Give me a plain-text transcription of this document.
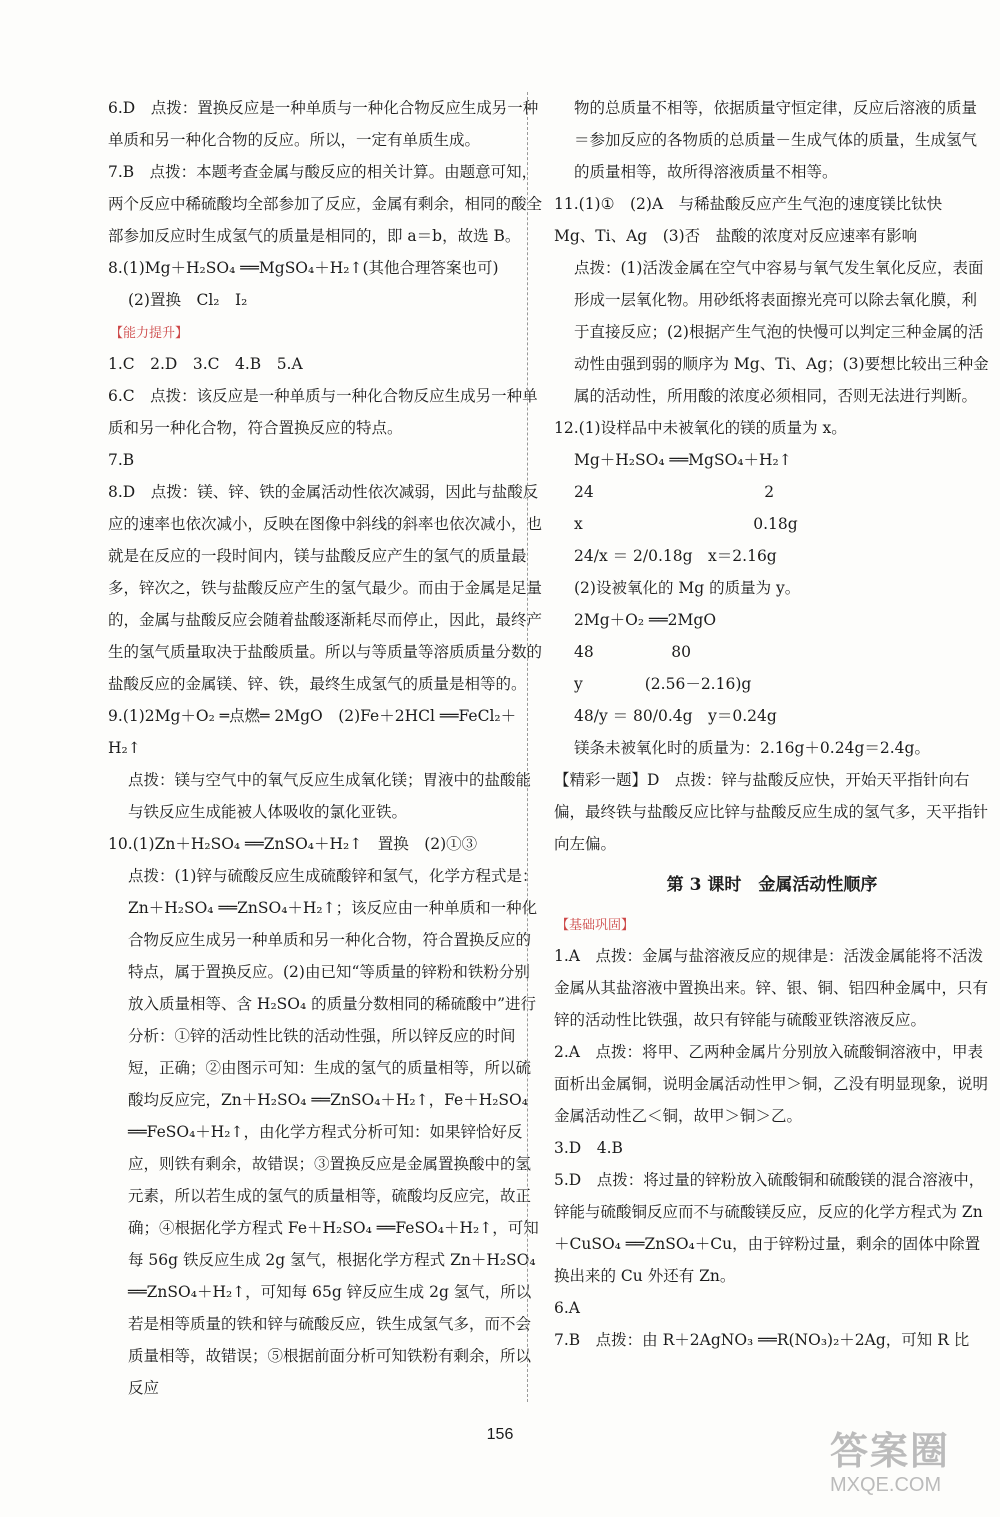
6.D　点拨：置换反应是一种单质与一种化合物反应生成另一种单质和另一种化合物的反应。所以，一定有单质生成。

7.B　点拨：本题考查金属与酸反应的相关计算。由题意可知，两个反应中稀硫酸均全部参加了反应，金属有剩余，相同的酸全部参加反应时生成氢气的质量是相同的，即 a＝b，故选 B。

8.(1)Mg＋H₂SO₄ ══MgSO₄＋H₂↑(其他合理答案也可)

(2)置换　Cl₂　I₂

【能力提升】

1.C　2.D　3.C　4.B　5.A

6.C　点拨：该反应是一种单质与一种化合物反应生成另一种单质和另一种化合物，符合置换反应的特点。

7.B

8.D　点拨：镁、锌、铁的金属活动性依次减弱，因此与盐酸反应的速率也依次减小，反映在图像中斜线的斜率也依次减小，也就是在反应的一段时间内，镁与盐酸反应产生的氢气的质量最多，锌次之，铁与盐酸反应产生的氢气最少。而由于金属是足量的，金属与盐酸反应会随着盐酸逐渐耗尽而停止，因此，最终产生的氢气质量取决于盐酸质量。所以与等质量等溶质质量分数的盐酸反应的金属镁、锌、铁，最终生成氢气的质量是相等的。

9.(1)2Mg＋O₂ ═点燃═ 2MgO　(2)Fe＋2HCl ══FeCl₂＋H₂↑

点拨：镁与空气中的氧气反应生成氧化镁；胃液中的盐酸能与铁反应生成能被人体吸收的氯化亚铁。

10.(1)Zn＋H₂SO₄ ══ZnSO₄＋H₂↑　置换　(2)①③

点拨：(1)锌与硫酸反应生成硫酸锌和氢气，化学方程式是：Zn＋H₂SO₄ ══ZnSO₄＋H₂↑；该反应由一种单质和一种化合物反应生成另一种单质和另一种化合物，符合置换反应的特点，属于置换反应。(2)由已知“等质量的锌粉和铁粉分别放入质量相等、含 H₂SO₄ 的质量分数相同的稀硫酸中”进行分析：①锌的活动性比铁的活动性强，所以锌反应的时间短，正确；②由图示可知：生成的氢气的质量相等，所以硫酸均反应完，Zn＋H₂SO₄ ══ZnSO₄＋H₂↑，Fe＋H₂SO₄ ══FeSO₄＋H₂↑，由化学方程式分析可知：如果锌恰好反应，则铁有剩余，故错误；③置换反应是金属置换酸中的氢元素，所以若生成的氢气的质量相等，硫酸均反应完，故正确；④根据化学方程式 Fe＋H₂SO₄ ══FeSO₄＋H₂↑，可知每 56g 铁反应生成 2g 氢气，根据化学方程式 Zn＋H₂SO₄ ══ZnSO₄＋H₂↑，可知每 65g 锌反应生成 2g 氢气，所以若是相等质量的铁和锌与硫酸反应，铁生成氢气多，而不会质量相等，故错误；⑤根据前面分析可知铁粉有剩余，所以反应

物的总质量不相等，依据质量守恒定律，反应后溶液的质量＝参加反应的各物质的总质量－生成气体的质量，生成氢气的质量相等，故所得溶液质量不相等。

11.(1)①　(2)A　与稀盐酸反应产生气泡的速度镁比钛快　Mg、Ti、Ag　(3)否　盐酸的浓度对反应速率有影响

点拨：(1)活泼金属在空气中容易与氧气发生氧化反应，表面形成一层氧化物。用砂纸将表面擦光亮可以除去氧化膜，利于直接反应；(2)根据产生气泡的快慢可以判定三种金属的活动性由强到弱的顺序为 Mg、Ti、Ag；(3)要想比较出三种金属的活动性，所用酸的浓度必须相同，否则无法进行判断。

12.(1)设样品中未被氧化的镁的质量为 x。

Mg＋H₂SO₄ ══MgSO₄＋H₂↑

24　　　　　　　　　　　2

x　　　　　　　　　　　0.18g

24/x ＝ 2/0.18g　x＝2.16g

(2)设被氧化的 Mg 的质量为 y。

2Mg＋O₂ ══2MgO

48　　　　　80

y　　　　(2.56－2.16)g

48/y ＝ 80/0.4g　y＝0.24g

镁条未被氧化时的质量为：2.16g＋0.24g＝2.4g。

【精彩一题】D　点拨：锌与盐酸反应快，开始天平指针向右偏，最终铁与盐酸反应比锌与盐酸反应生成的氢气多，天平指针向左偏。

第 3 课时　金属活动性顺序

【基础巩固】

1.A　点拨：金属与盐溶液反应的规律是：活泼金属能将不活泼金属从其盐溶液中置换出来。锌、银、铜、铝四种金属中，只有锌的活动性比铁强，故只有锌能与硫酸亚铁溶液反应。

2.A　点拨：将甲、乙两种金属片分别放入硫酸铜溶液中，甲表面析出金属铜，说明金属活动性甲＞铜，乙没有明显现象，说明金属活动性乙＜铜，故甲＞铜＞乙。

3.D　4.B

5.D　点拨：将过量的锌粉放入硫酸铜和硫酸镁的混合溶液中，锌能与硫酸铜反应而不与硫酸镁反应，反应的化学方程式为 Zn＋CuSO₄ ══ZnSO₄＋Cu，由于锌粉过量，剩余的固体中除置换出来的 Cu 外还有 Zn。

6.A

7.B　点拨：由 R＋2AgNO₃ ══R(NO₃)₂＋2Ag，可知 R 比

156	答案圈
MXQE.COM
